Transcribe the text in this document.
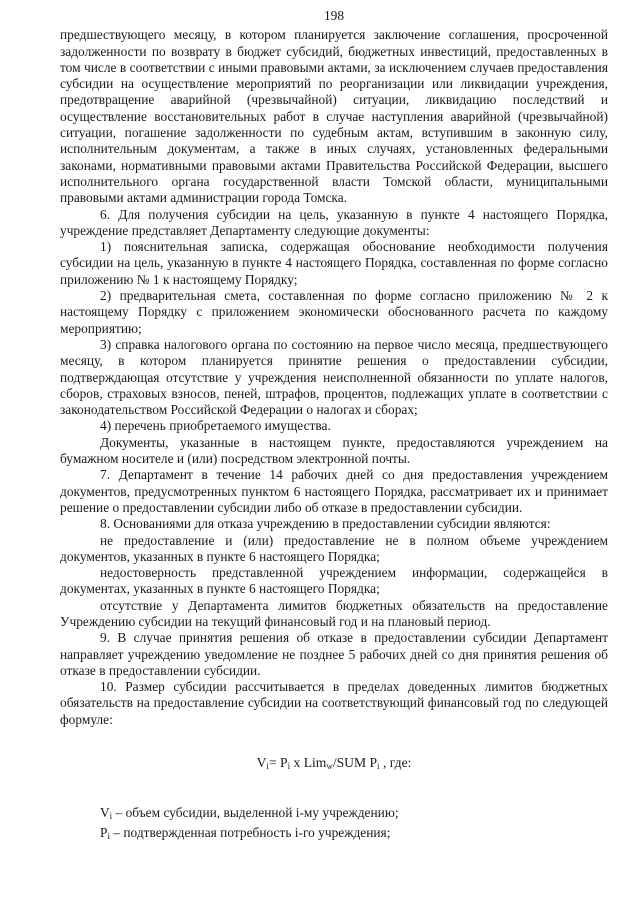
198

предшествующего месяцу, в котором планируется заключение соглашения, просроченной задолженности по возврату в бюджет субсидий, бюджетных инвестиций, предоставленных в том числе в соответствии с иными правовыми актами, за исключением случаев предоставления субсидии на осуществление мероприятий по реорганизации или ликвидации учреждения, предотвращение аварийной (чрезвычайной) ситуации, ликвидацию последствий и осуществление восстановительных работ в случае наступления аварийной (чрезвычайной) ситуации, погашение задолженности по судебным актам, вступившим в законную силу, исполнительным документам, а также в иных случаях, установленных федеральными законами, нормативными правовыми актами Правительства Российской Федерации, высшего исполнительного органа государственной власти Томской области, муниципальными правовыми актами администрации города Томска.

6. Для получения субсидии на цель, указанную в пункте 4 настоящего Порядка, учреждение представляет Департаменту следующие документы:

1) пояснительная записка, содержащая обоснование необходимости получения субсидии на цель, указанную в пункте 4 настоящего Порядка, составленная по форме согласно приложению № 1 к настоящему Порядку;

2) предварительная смета, составленная по форме согласно приложению № 2 к настоящему Порядку с приложением экономически обоснованного расчета по каждому мероприятию;

3) справка налогового органа по состоянию на первое число месяца, предшествующего месяцу, в котором планируется принятие решения о предоставлении субсидии, подтверждающая отсутствие у учреждения неисполненной обязанности по уплате налогов, сборов, страховых взносов, пеней, штрафов, процентов, подлежащих уплате в соответствии с законодательством Российской Федерации о налогах и сборах;

4) перечень приобретаемого имущества.

Документы, указанные в настоящем пункте, предоставляются учреждением на бумажном носителе и (или) посредством электронной почты.

7. Департамент в течение 14 рабочих дней со дня предоставления учреждением документов, предусмотренных пунктом 6 настоящего Порядка, рассматривает их и принимает решение о предоставлении субсидии либо об отказе в предоставлении субсидии.

8. Основаниями для отказа учреждению в предоставлении субсидии являются:

не предоставление и (или) предоставление не в полном объеме учреждением документов, указанных в пункте 6 настоящего Порядка;

недостоверность представленной учреждением информации, содержащейся в документах, указанных в пункте 6 настоящего Порядка;

отсутствие у Департамента лимитов бюджетных обязательств на предоставление Учреждению субсидии на текущий финансовый год и на плановый период.

9. В случае принятия решения об отказе в предоставлении субсидии Департамент направляет учреждению уведомление не позднее 5 рабочих дней со дня принятия решения об отказе в предоставлении субсидии.

10. Размер субсидии рассчитывается в пределах доведенных лимитов бюджетных обязательств на предоставление субсидии на соответствующий финансовый год по следующей формуле:

$V_i= P_i$ x Lim$_w$/SUM $P_i$ , где:

$V_i$ – объем субсидии, выделенной i-му учреждению;

$P_i$ – подтвержденная потребность i-го учреждения;
